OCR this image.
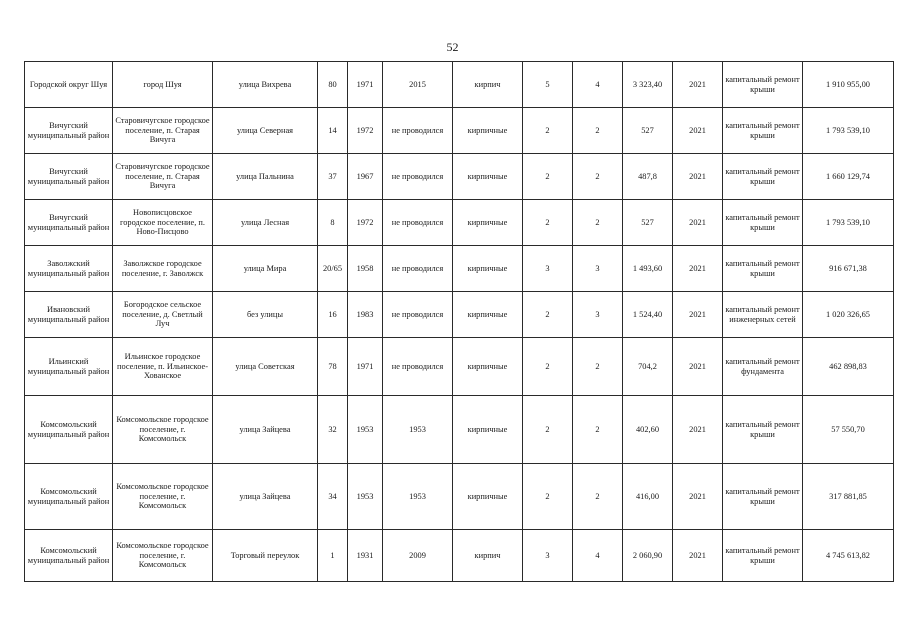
52
Городской округ Шуя	город Шуя	улица Вихрева	80	1971	2015	кирпич	5	4	3 323,40	2021	капитальный ремонт крыши	1 910 955,00
Вичугский муниципальный район	Старовичугское городское поселение, п. Старая Вичуга	улица Северная	14	1972	не проводился	кирпичные	2	2	527	2021	капитальный ремонт крыши	1 793 539,10
Вичугский муниципальный район	Старовичугское городское поселение, п. Старая Вичуга	улица Пальнина	37	1967	не проводился	кирпичные	2	2	487,8	2021	капитальный ремонт крыши	1 660 129,74
Вичугский муниципальный район	Новописцовское городское поселение, п. Ново-Писцово	улица Лесная	8	1972	не проводился	кирпичные	2	2	527	2021	капитальный ремонт крыши	1 793 539,10
Заволжский муниципальный район	Заволжское городское поселение, г. Заволжск	улица Мира	20/65	1958	не проводился	кирпичные	3	3	1 493,60	2021	капитальный ремонт крыши	916 671,38
Ивановский муниципальный район	Богородское сельское поселение, д. Светлый Луч	без улицы	16	1983	не проводился	кирпичные	2	3	1 524,40	2021	капитальный ремонт инженерных сетей	1 020 326,65
Ильинский муниципальный район	Ильинское городское поселение, п. Ильинское-Хованское	улица Советская	78	1971	не проводился	кирпичные	2	2	704,2	2021	капитальный ремонт фундамента	462 898,83
Комсомольский муниципальный район	Комсомольское городское поселение, г. Комсомольск	улица Зайцева	32	1953	1953	кирпичные	2	2	402,60	2021	капитальный ремонт крыши	57 550,70
Комсомольский муниципальный район	Комсомольское городское поселение, г. Комсомольск	улица Зайцева	34	1953	1953	кирпичные	2	2	416,00	2021	капитальный ремонт крыши	317 881,85
Комсомольский муниципальный район	Комсомольское городское поселение, г. Комсомольск	Торговый переулок	1	1931	2009	кирпич	3	4	2 060,90	2021	капитальный ремонт крыши	4 745 613,82
